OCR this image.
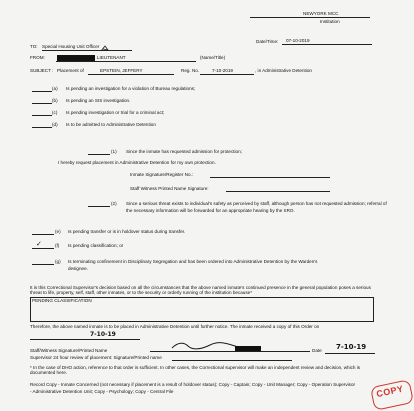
NEWYORK MCC
Institution
Date/Time: 07-10-2019
TO: Special Housing Unit Officer
FROM:	LIEUTENANT	(Name/Title)
SUBJECT : Placement of	EPSTEIN, JEFFERY	Reg. No.	7-10-2019	, in Administrative Detention
(a) Is pending an investigation for a violation of Bureau regulations;
(b) Is pending an SIS investigation.
(c) Is pending investigation or trial for a criminal act;
(d) Is to be admitted to Administrative Detention
(1) Since the inmate has requested admission for protection;
I hereby request placement in Administrative Detention for my own protection.
Inmate Signature/Register No.:
Staff Witness Printed Name Signature:
(2) Since a serious threat exists to individual's safety as perceived by staff, although person has not requested admission; referral of
the necessary information will be forwarded for an appropriate hearing by the SRO.
(e) Is pending transfer or is in holdover status during transfer.
✓	(f) Is pending classification; or
(g) Is terminating confinement in Disciplinary Segregation and has been ordered into Administrative Detention by the Warden's
designee.
It is this Correctional Supervisor's decision based on all the circumstances that the above named inmate's continued presence in the general population poses a serious threat to life, property, self, staff, other inmates, or to the security or orderly running of the institution because*
PENDING CLASSIFICATION
Therefore, the above named inmate is to be placed in Administrative Detention until further notice. The inmate received a copy of this Order on
7-10-19
Staff/Witness Signature/Printed Name	Date 7-10-19
Supervisor 24 hour review of placement: Signature/Printed name
* In the case of DHO action, reference to that order is sufficient. In other cases, the Correctional supervisor will make an independent review and decision, which is documented here.
Record Copy - Inmate Concerned (not necessary if placement is a result of holdover status); Copy - Captain; Copy - Unit Manager; Copy - Operation Supervisor
- Administrative Detention Unit; Copy - Psychology; Copy - Central File	COPY
